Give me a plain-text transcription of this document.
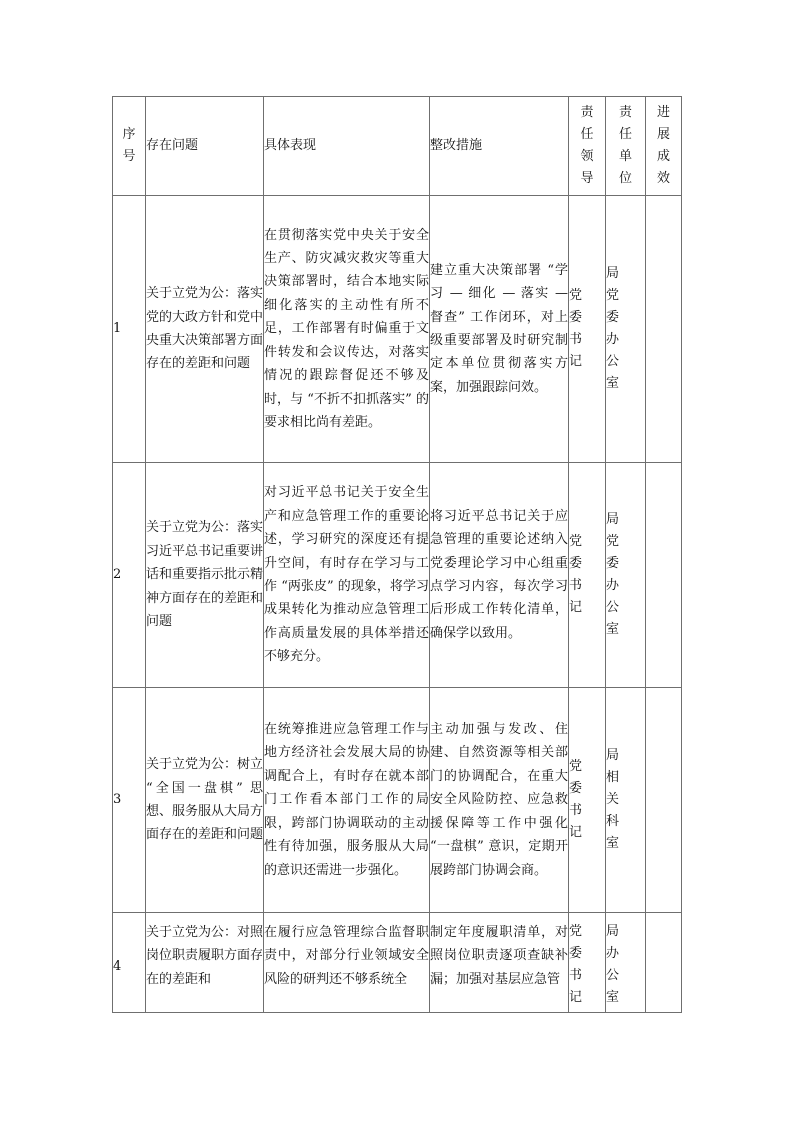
序号	存在问题	具体表现	整改措施	责任领导	责任单位	进展成效
1	关于立党为公：落实党的大政方针和党中央重大决策部署方面存在的差距和问题	在贯彻落实党中央关于安全生产、防灾减灾救灾等重大决策部署时，结合本地实际细化落实的主动性有所不足，工作部署有时偏重于文件转发和会议传达，对落实情况的跟踪督促还不够及时，与 “不折不扣抓落实” 的要求相比尚有差距。	建立重大决策部署 “学习 — 细化 — 落实 — 督查” 工作闭环，对上级重要部署及时研究制定本单位贯彻落实方案，加强跟踪问效。	党委书记	局党委办公室	
2	关于立党为公：落实习近平总书记重要讲话和重要指示批示精神方面存在的差距和问题	对习近平总书记关于安全生产和应急管理工作的重要论述，学习研究的深度还有提升空间，有时存在学习与工作 “两张皮” 的现象，将学习成果转化为推动应急管理工作高质量发展的具体举措还不够充分。	将习近平总书记关于应急管理的重要论述纳入党委理论学习中心组重点学习内容，每次学习后形成工作转化清单，确保学以致用。	党委书记	局党委办公室	
3	关于立党为公：树立 “全国一盘棋” 思想、服务服从大局方面存在的差距和问题	在统筹推进应急管理工作与地方经济社会发展大局的协调配合上，有时存在就本部门工作看本部门工作的局限，跨部门协调联动的主动性有待加强，服务服从大局的意识还需进一步强化。	主动加强与发改、住建、自然资源等相关部门的协调配合，在重大安全风险防控、应急救援保障等工作中强化 “一盘棋” 意识，定期开展跨部门协调会商。	党委书记	局相关科室	

4	关于立党为公：对照岗位职责履职方面存在的差距和	在履行应急管理综合监督职责中，对部分行业领域安全风险的研判还不够系统全	制定年度履职清单，对照岗位职责逐项查缺补漏；加强对基层应急管	党委书记	局办公室	
